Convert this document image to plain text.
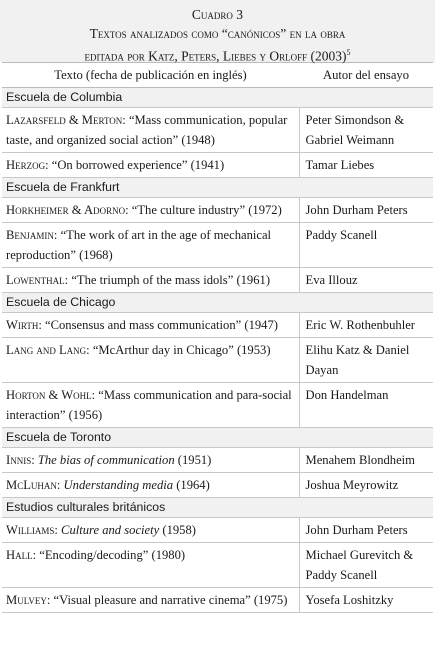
Cuadro 3
Textos analizados como “canónicos” en la obra
editada por Katz, Peters, Liebes y Orloff $(2003)^5$
Texto (fecha de publicación en inglés)	Autor del ensayo
Escuela de Columbia	
Lazarsfeld & Merton: “Mass communication, popular taste, and organized social action” (1948)	Peter Simondson & Gabriel Weimann
Herzog: “On borrowed experience” (1941)	Tamar Liebes
Escuela de Frankfurt	
Horkheimer & Adorno: “The culture industry” (1972)	John Durham Peters
Benjamin: “The work of art in the age of mechanical reproduction” (1968)	Paddy Scanell
Lowenthal: “The triumph of the mass idols” (1961)	Eva Illouz
Escuela de Chicago	
Wirth: “Consensus and mass communication” (1947)	Eric W. Rothenbuhler
Lang and Lang: “McArthur day in Chicago” (1953)	Elihu Katz & Daniel Dayan
Horton & Wohl: “Mass communication and para-social interaction” (1956)	Don Handelman
Escuela de Toronto	
Innis: The bias of communication (1951)	Menahem Blondheim
McLuhan: Understanding media (1964)	Joshua Meyrowitz
Estudios culturales británicos	
Williams: Culture and society (1958)	John Durham Peters
Hall: “Encoding/decoding” (1980)	Michael Gurevitch & Paddy Scanell
Mulvey: “Visual pleasure and narrative cinema” (1975)	Yosefa Loshitzky
